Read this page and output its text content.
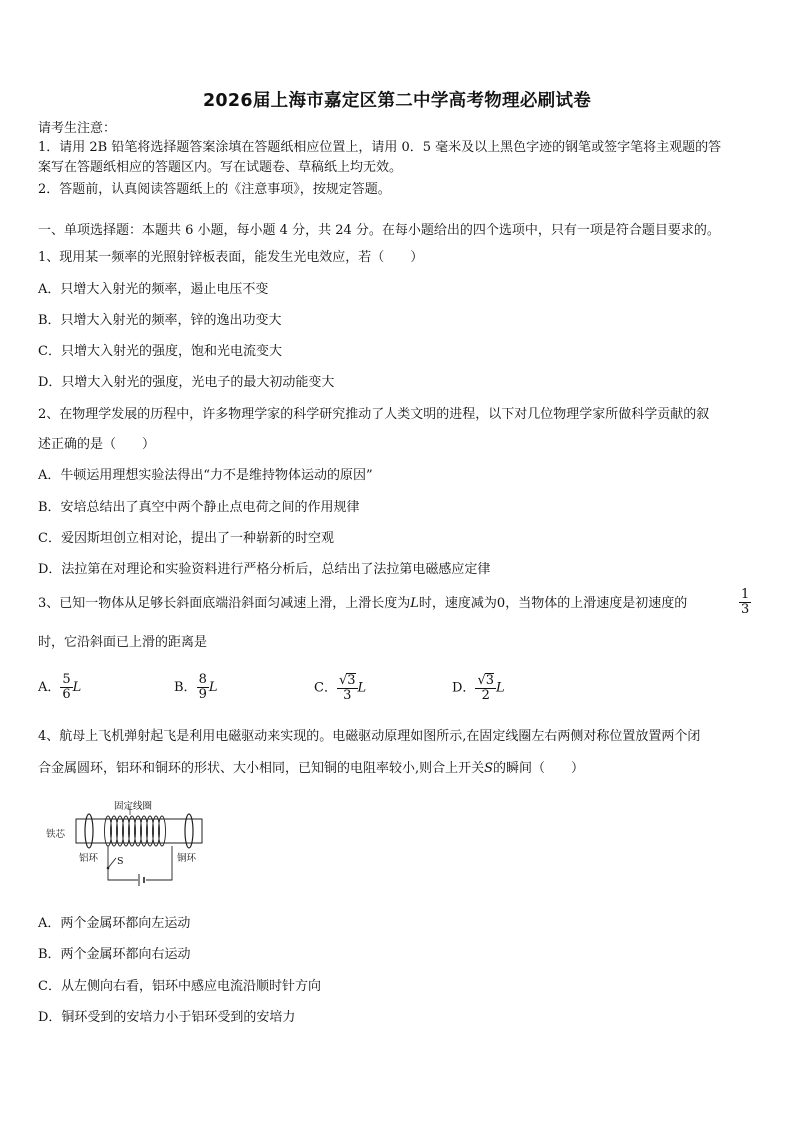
2026届上海市嘉定区第二中学高考物理必刷试卷
请考生注意：
1．请用 2B 铅笔将选择题答案涂填在答题纸相应位置上，请用 0．5 毫米及以上黑色字迹的钢笔或签字笔将主观题的答
案写在答题纸相应的答题区内。写在试题卷、草稿纸上均无效。
2．答题前，认真阅读答题纸上的《注意事项》，按规定答题。
一、单项选择题：本题共 6 小题，每小题 4 分，共 24 分。在每小题给出的四个选项中，只有一项是符合题目要求的。
1、现用某一频率的光照射锌板表面，能发生光电效应，若（　　）
A．只增大入射光的频率，遏止电压不变
B．只增大入射光的频率，锌的逸出功变大
C．只增大入射光的强度，饱和光电流变大
D．只增大入射光的强度，光电子的最大初动能变大
2、在物理学发展的历程中，许多物理学家的科学研究推动了人类文明的进程，以下对几位物理学家所做科学贡献的叙
述正确的是（　　）
A．牛顿运用理想实验法得出“力不是维持物体运动的原因”
B．安培总结出了真空中两个静止点电荷之间的作用规律
C．爱因斯坦创立相对论，提出了一种崭新的时空观
D．法拉第在对理论和实验资料进行严格分析后，总结出了法拉第电磁感应定律
3、已知一物体从足够长斜面底端沿斜面匀减速上滑，上滑长度为L时，速度减为0，当物体的上滑速度是初速度的	$\frac{1}{3}$
时，它沿斜面已上滑的距离是
A． $\frac{5}{6}$ L	B． $\frac{8}{9}$ L	C． $\frac{√3}{3}$ L	D． $\frac{√3}{2}$ L
4、航母上飞机弹射起飞是利用电磁驱动来实现的。电磁驱动原理如图所示,在固定线圈左右两侧对称位置放置两个闭
合金属圆环，铝环和铜环的形状、大小相同，已知铜的电阻率较小,则合上开关S的瞬间（　　）
固定线圈
铁芯
铝环	铜环
S
A．两个金属环都向左运动
B．两个金属环都向右运动
C．从左侧向右看，铝环中感应电流沿顺时针方向
D．铜环受到的安培力小于铝环受到的安培力
